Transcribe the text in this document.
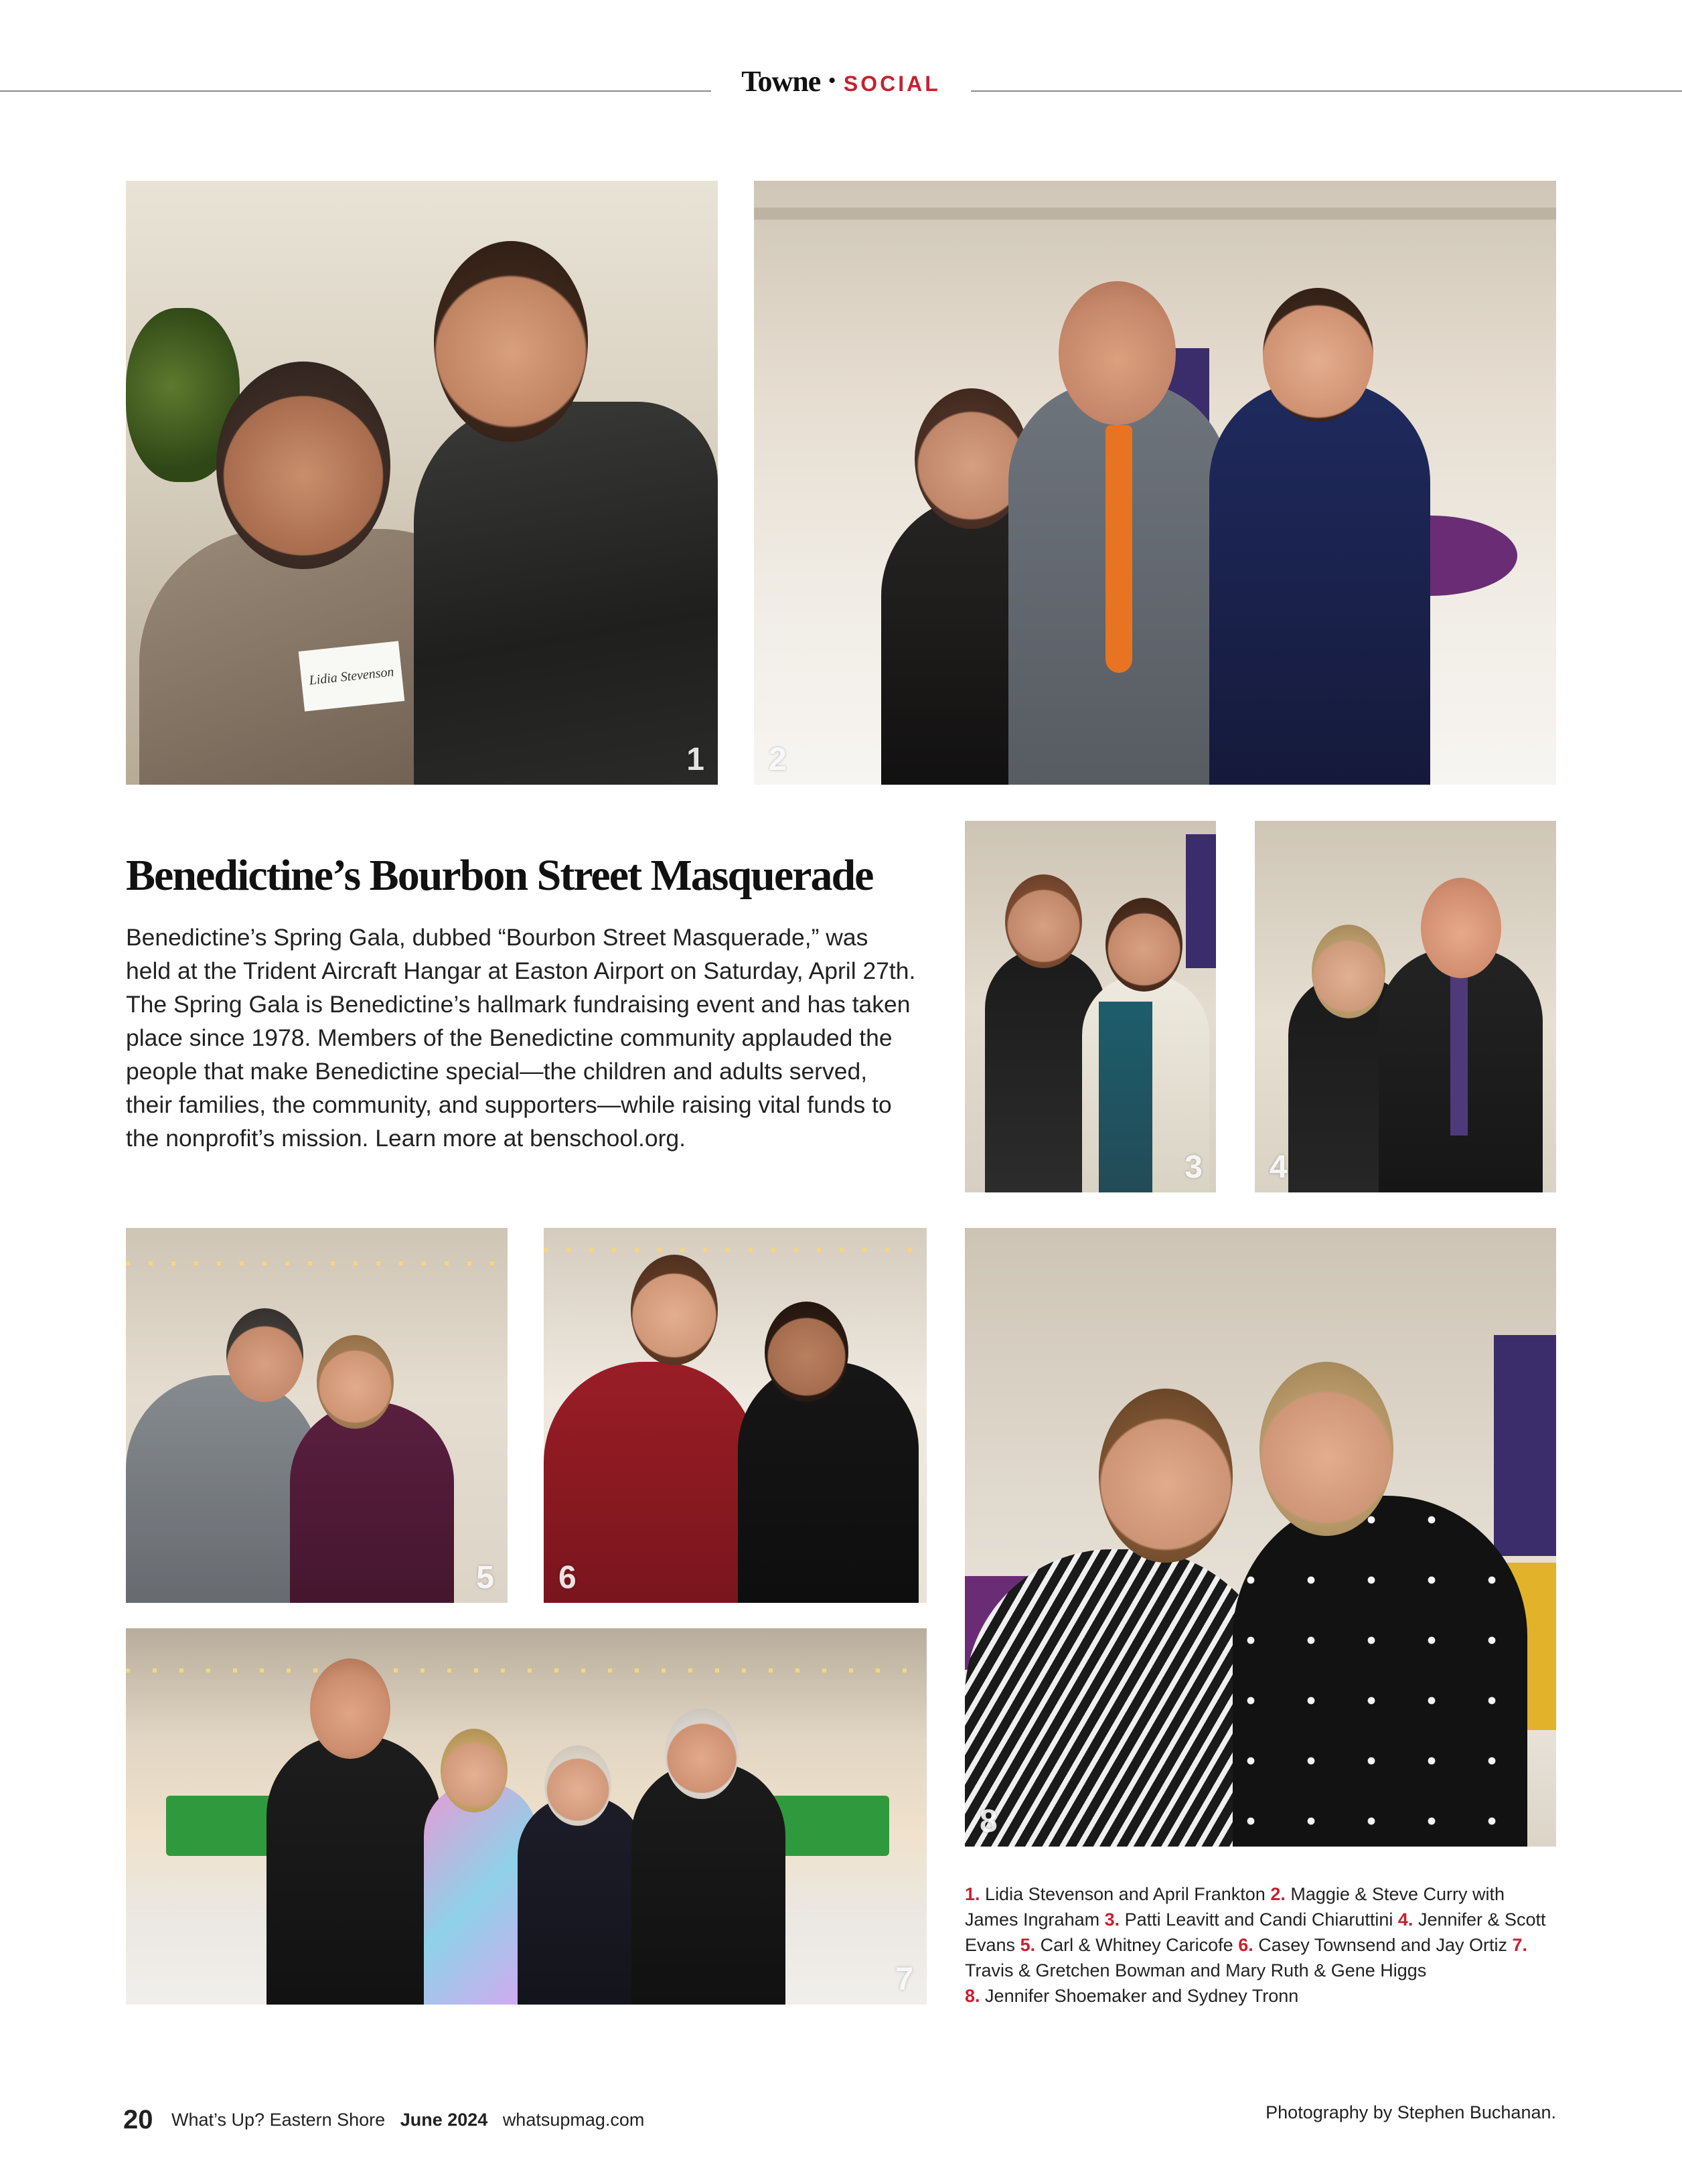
Towne • SOCIAL
Lidia Stevenson
1 2
3 4
5 6
7
8
Benedictine’s Bourbon Street Masquerade
Benedictine’s Spring Gala, dubbed “Bourbon Street Masquerade,” was held at the Trident Aircraft Hangar at Easton Airport on Saturday, April 27th. The Spring Gala is Benedictine’s hallmark fundraising event and has taken place since 1978. Members of the Benedictine community applauded the people that make Benedictine special—the children and adults served, their families, the community, and supporters—while raising vital funds to the nonprofit’s mission. Learn more at benschool.org.
1. Lidia Stevenson and April Frankton 2. Maggie & Steve Curry with James Ingraham 3. Patti Leavitt and Candi Chiaruttini 4. Jennifer & Scott Evans 5. Carl & Whitney Caricofe 6. Casey Townsend and Jay Ortiz 7. Travis & Gretchen Bowman and Mary Ruth & Gene Higgs
8. Jennifer Shoemaker and Sydney Tronn
20 What’s Up? Eastern Shore June 2024 whatsupmag.com	Photography by Stephen Buchanan.
